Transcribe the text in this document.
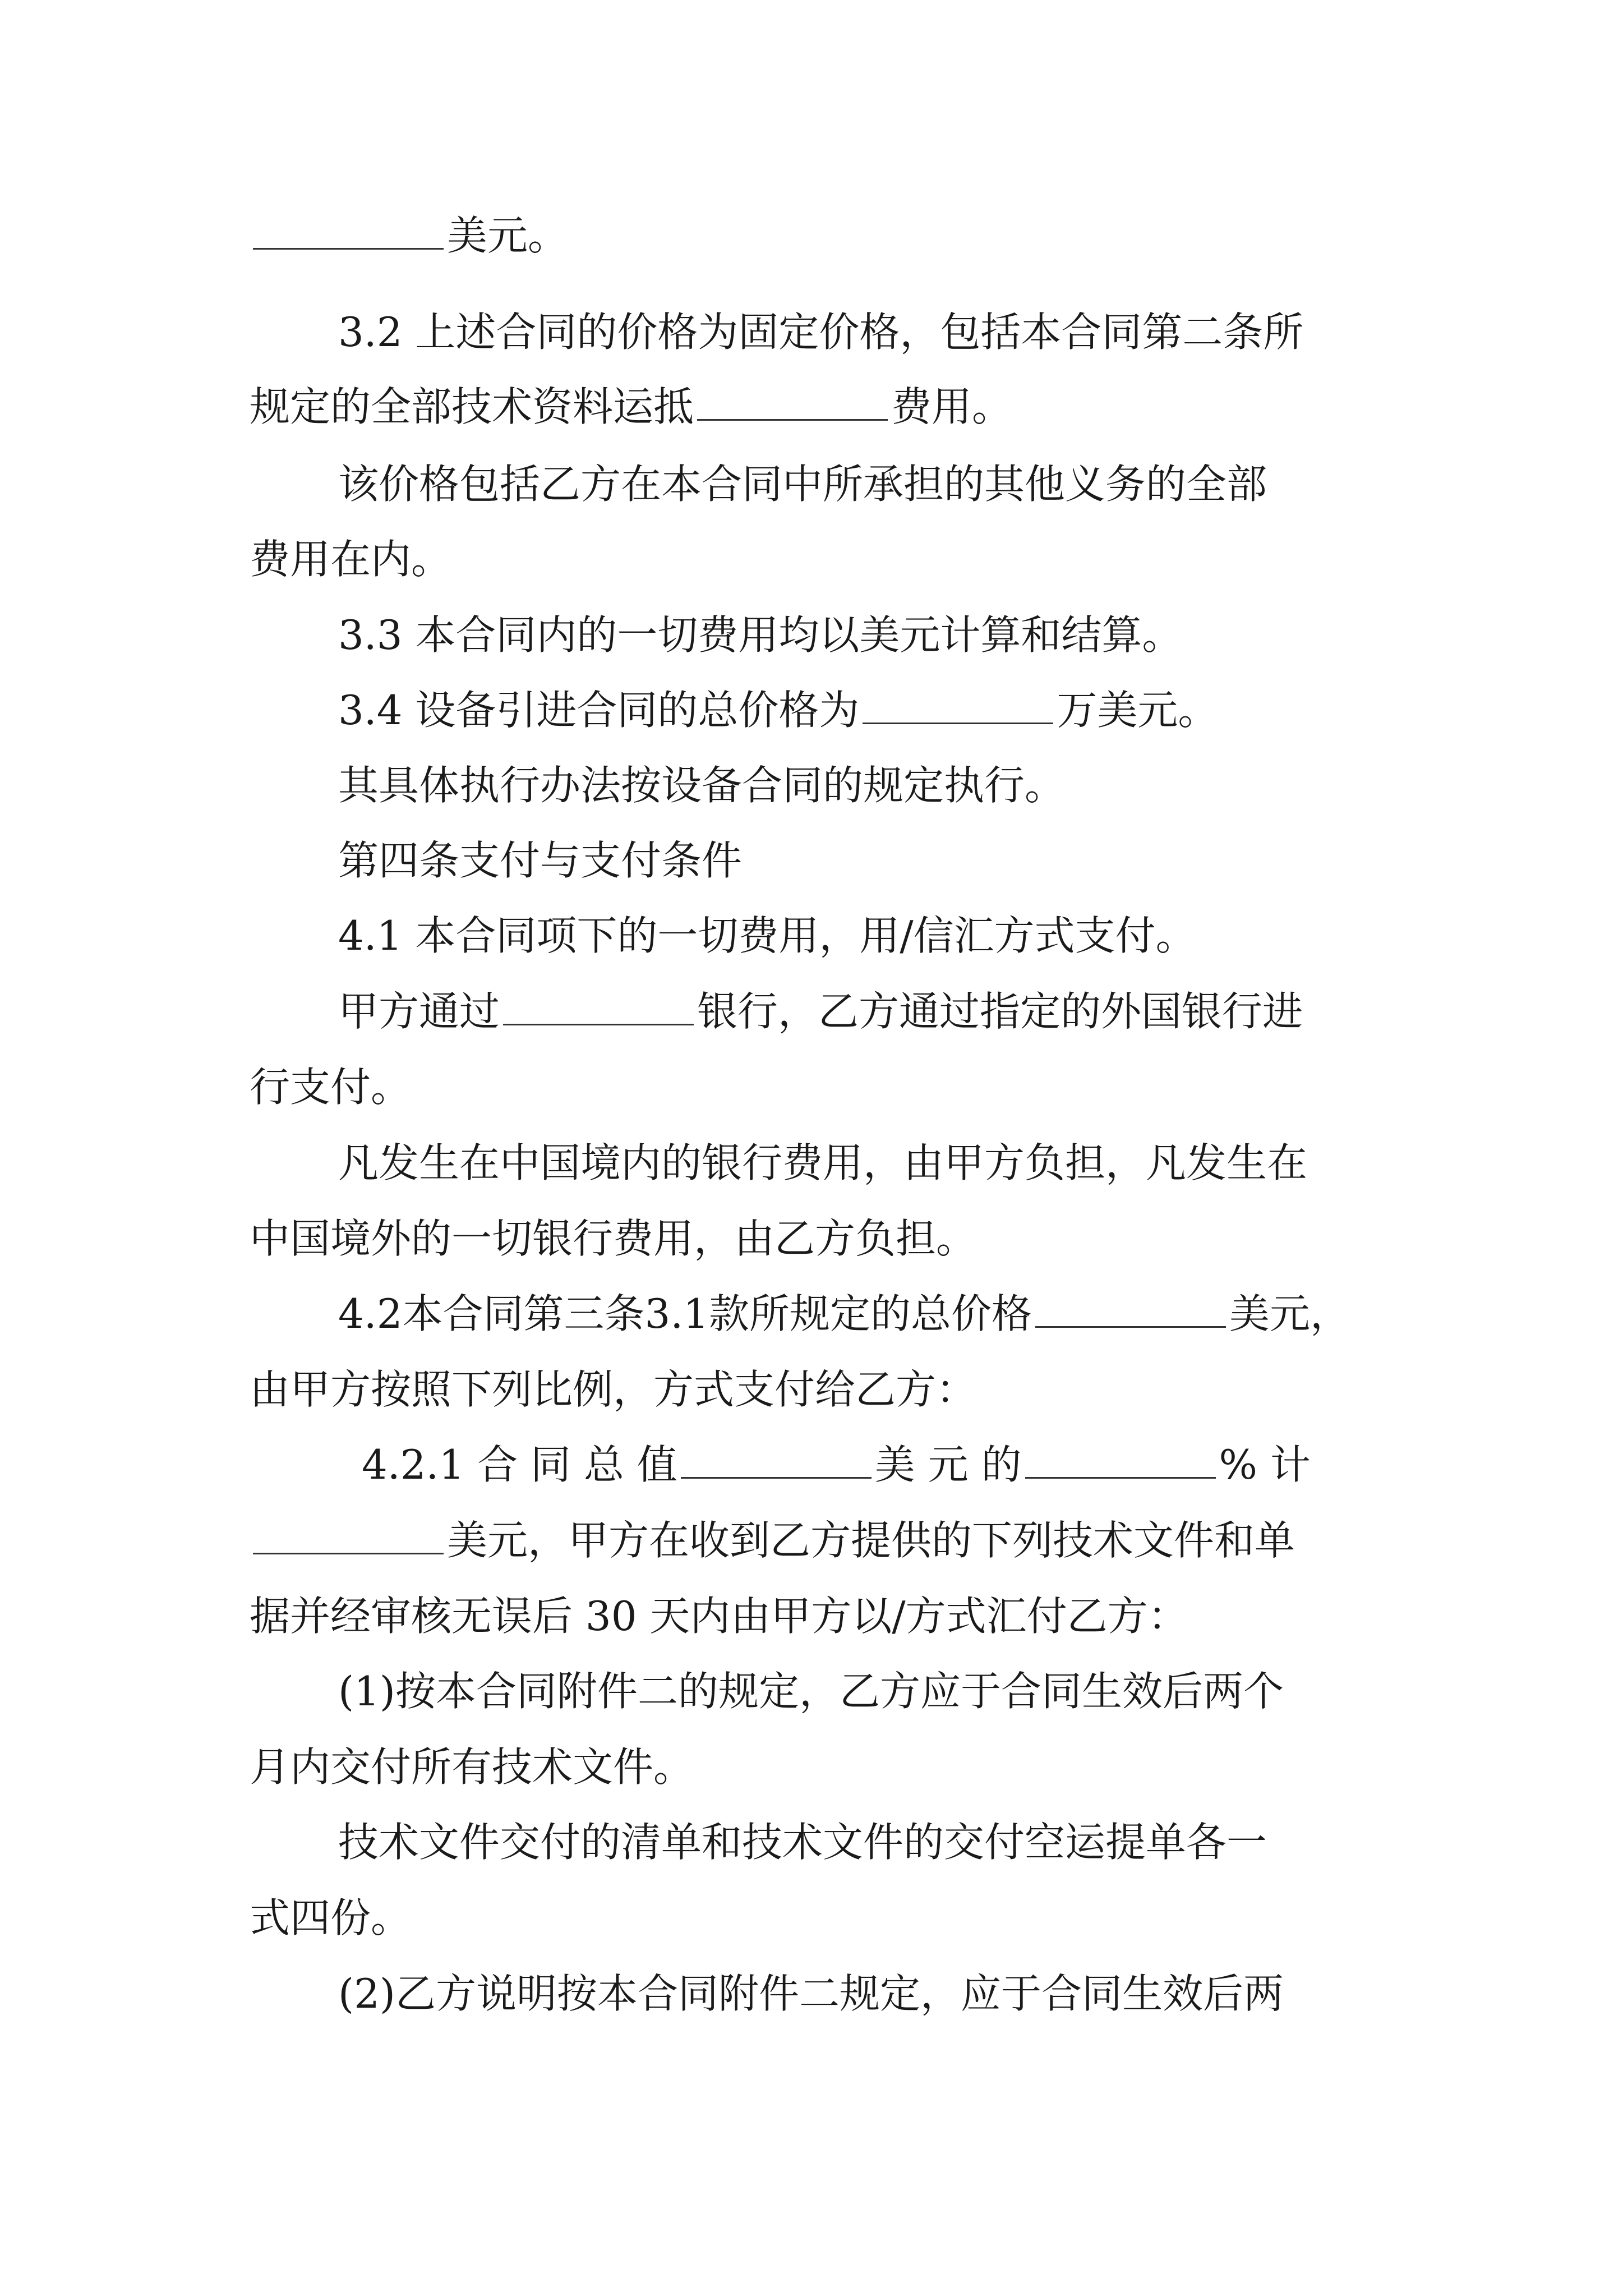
美元。
3.2 上述合同的价格为固定价格，包括本合同第二条所
规定的全部技术资料运抵	费用。
该价格包括乙方在本合同中所承担的其他义务的全部
费用在内。
3.3 本合同内的一切费用均以美元计算和结算。
3.4 设备引进合同的总价格为	万美元。
其具体执行办法按设备合同的规定执行。
第四条支付与支付条件
4.1 本合同项下的一切费用，用/信汇方式支付。
甲方通过	银行，乙方通过指定的外国银行进
行支付。
凡发生在中国境内的银行费用，由甲方负担，凡发生在
中国境外的一切银行费用，由乙方负担。
4.2本合同第三条3.1款所规定的总价格	美元，
由甲方按照下列比例，方式支付给乙方：
4.2.1 合 同 总 值	美 元 的	% 计
美元，甲方在收到乙方提供的下列技术文件和单
据并经审核无误后 30 天内由甲方以/方式汇付乙方：
(1)按本合同附件二的规定，乙方应于合同生效后两个
月内交付所有技术文件。
技术文件交付的清单和技术文件的交付空运提单各一
式四份。
(2)乙方说明按本合同附件二规定，应于合同生效后两
